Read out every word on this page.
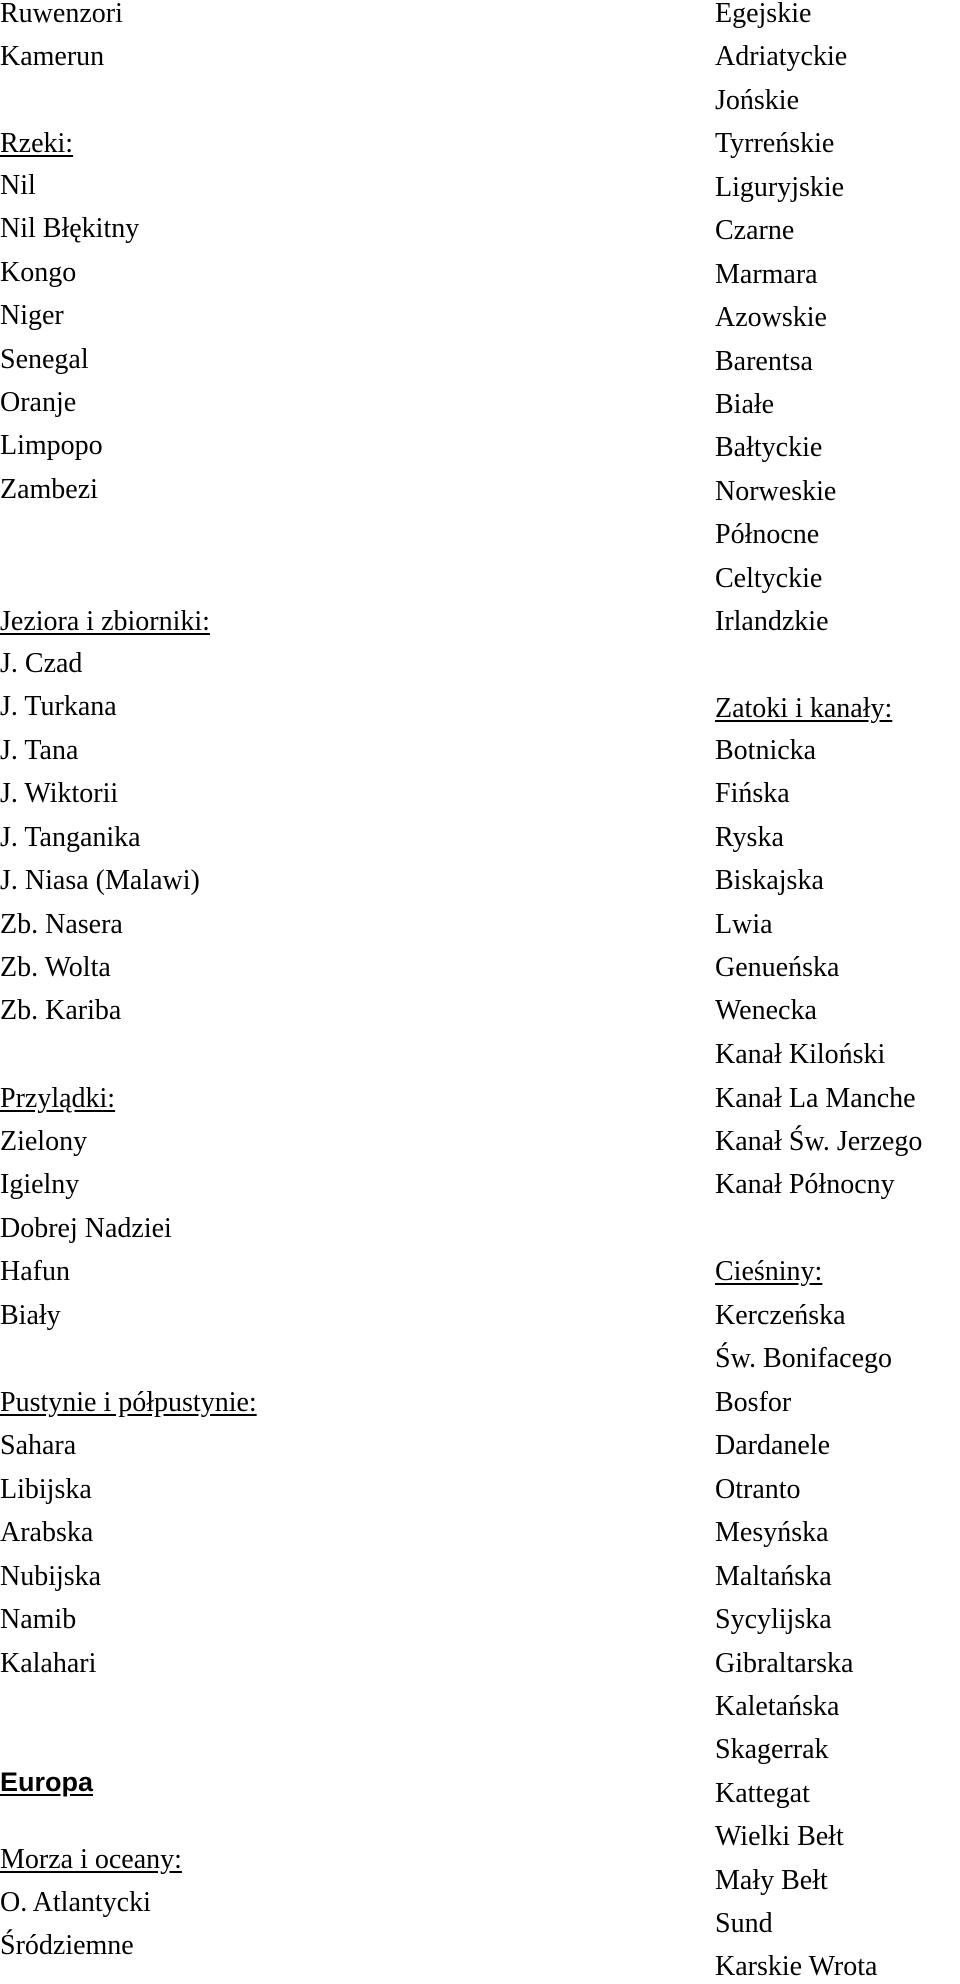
Ruwenzori
Kamerun
Rzeki:
Nil
Nil Błękitny
Kongo
Niger
Senegal
Oranje
Limpopo
Zambezi
Jeziora i zbiorniki:
J. Czad
J. Turkana
J. Tana
J. Wiktorii
J. Tanganika
J. Niasa (Malawi)
Zb. Nasera
Zb. Wolta
Zb. Kariba
Przylądki:
Zielony
Igielny
Dobrej Nadziei
Hafun
Biały
Pustynie i półpustynie:
Sahara
Libijska
Arabska
Nubijska
Namib
Kalahari
Europa
Morza i oceany:
O. Atlantycki
Śródziemne
Egejskie
Adriatyckie
Jońskie
Tyrreńskie
Liguryjskie
Czarne
Marmara
Azowskie
Barentsa
Białe
Bałtyckie
Norweskie
Północne
Celtyckie
Irlandzkie
Zatoki i kanały:
Botnicka
Fińska
Ryska
Biskajska
Lwia
Genueńska
Wenecka
Kanał Kiloński
Kanał La Manche
Kanał Św. Jerzego
Kanał Północny
Cieśniny:
Kerczeńska
Św. Bonifacego
Bosfor
Dardanele
Otranto
Mesyńska
Maltańska
Sycylijska
Gibraltarska
Kaletańska
Skagerrak
Kattegat
Wielki Bełt
Mały Bełt
Sund
Karskie Wrota
